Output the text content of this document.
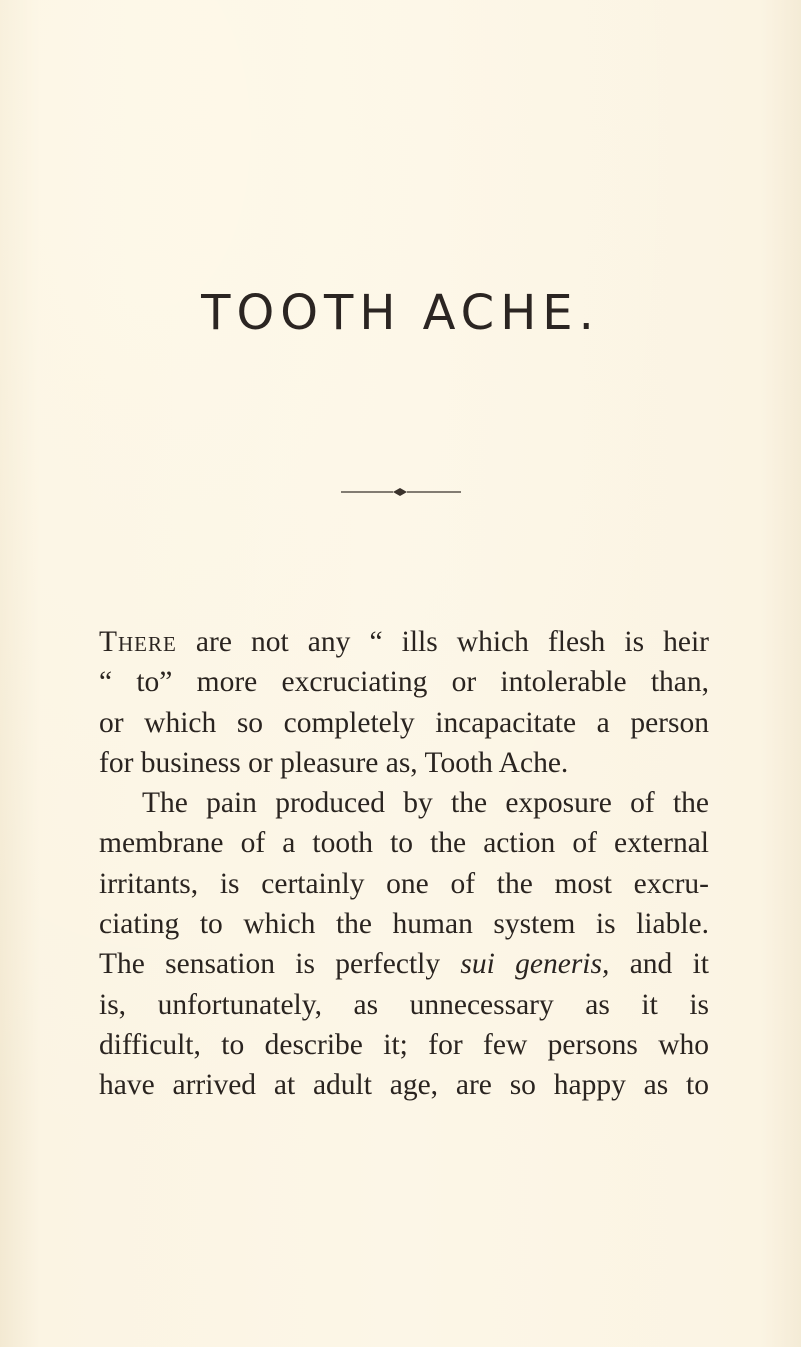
TOOTH ACHE.
There are not any “ ills which flesh is heir
“ to” more excruciating or intolerable than,
or which so completely incapacitate a person
for business or pleasure as, Tooth Ache.
The pain produced by the exposure of the
membrane of a tooth to the action of external
irritants, is certainly one of the most excru-
ciating to which the human system is liable.
The sensation is perfectly sui generis, and it
is, unfortunately, as unnecessary as it is
difficult, to describe it; for few persons who
have arrived at adult age, are so happy as to
